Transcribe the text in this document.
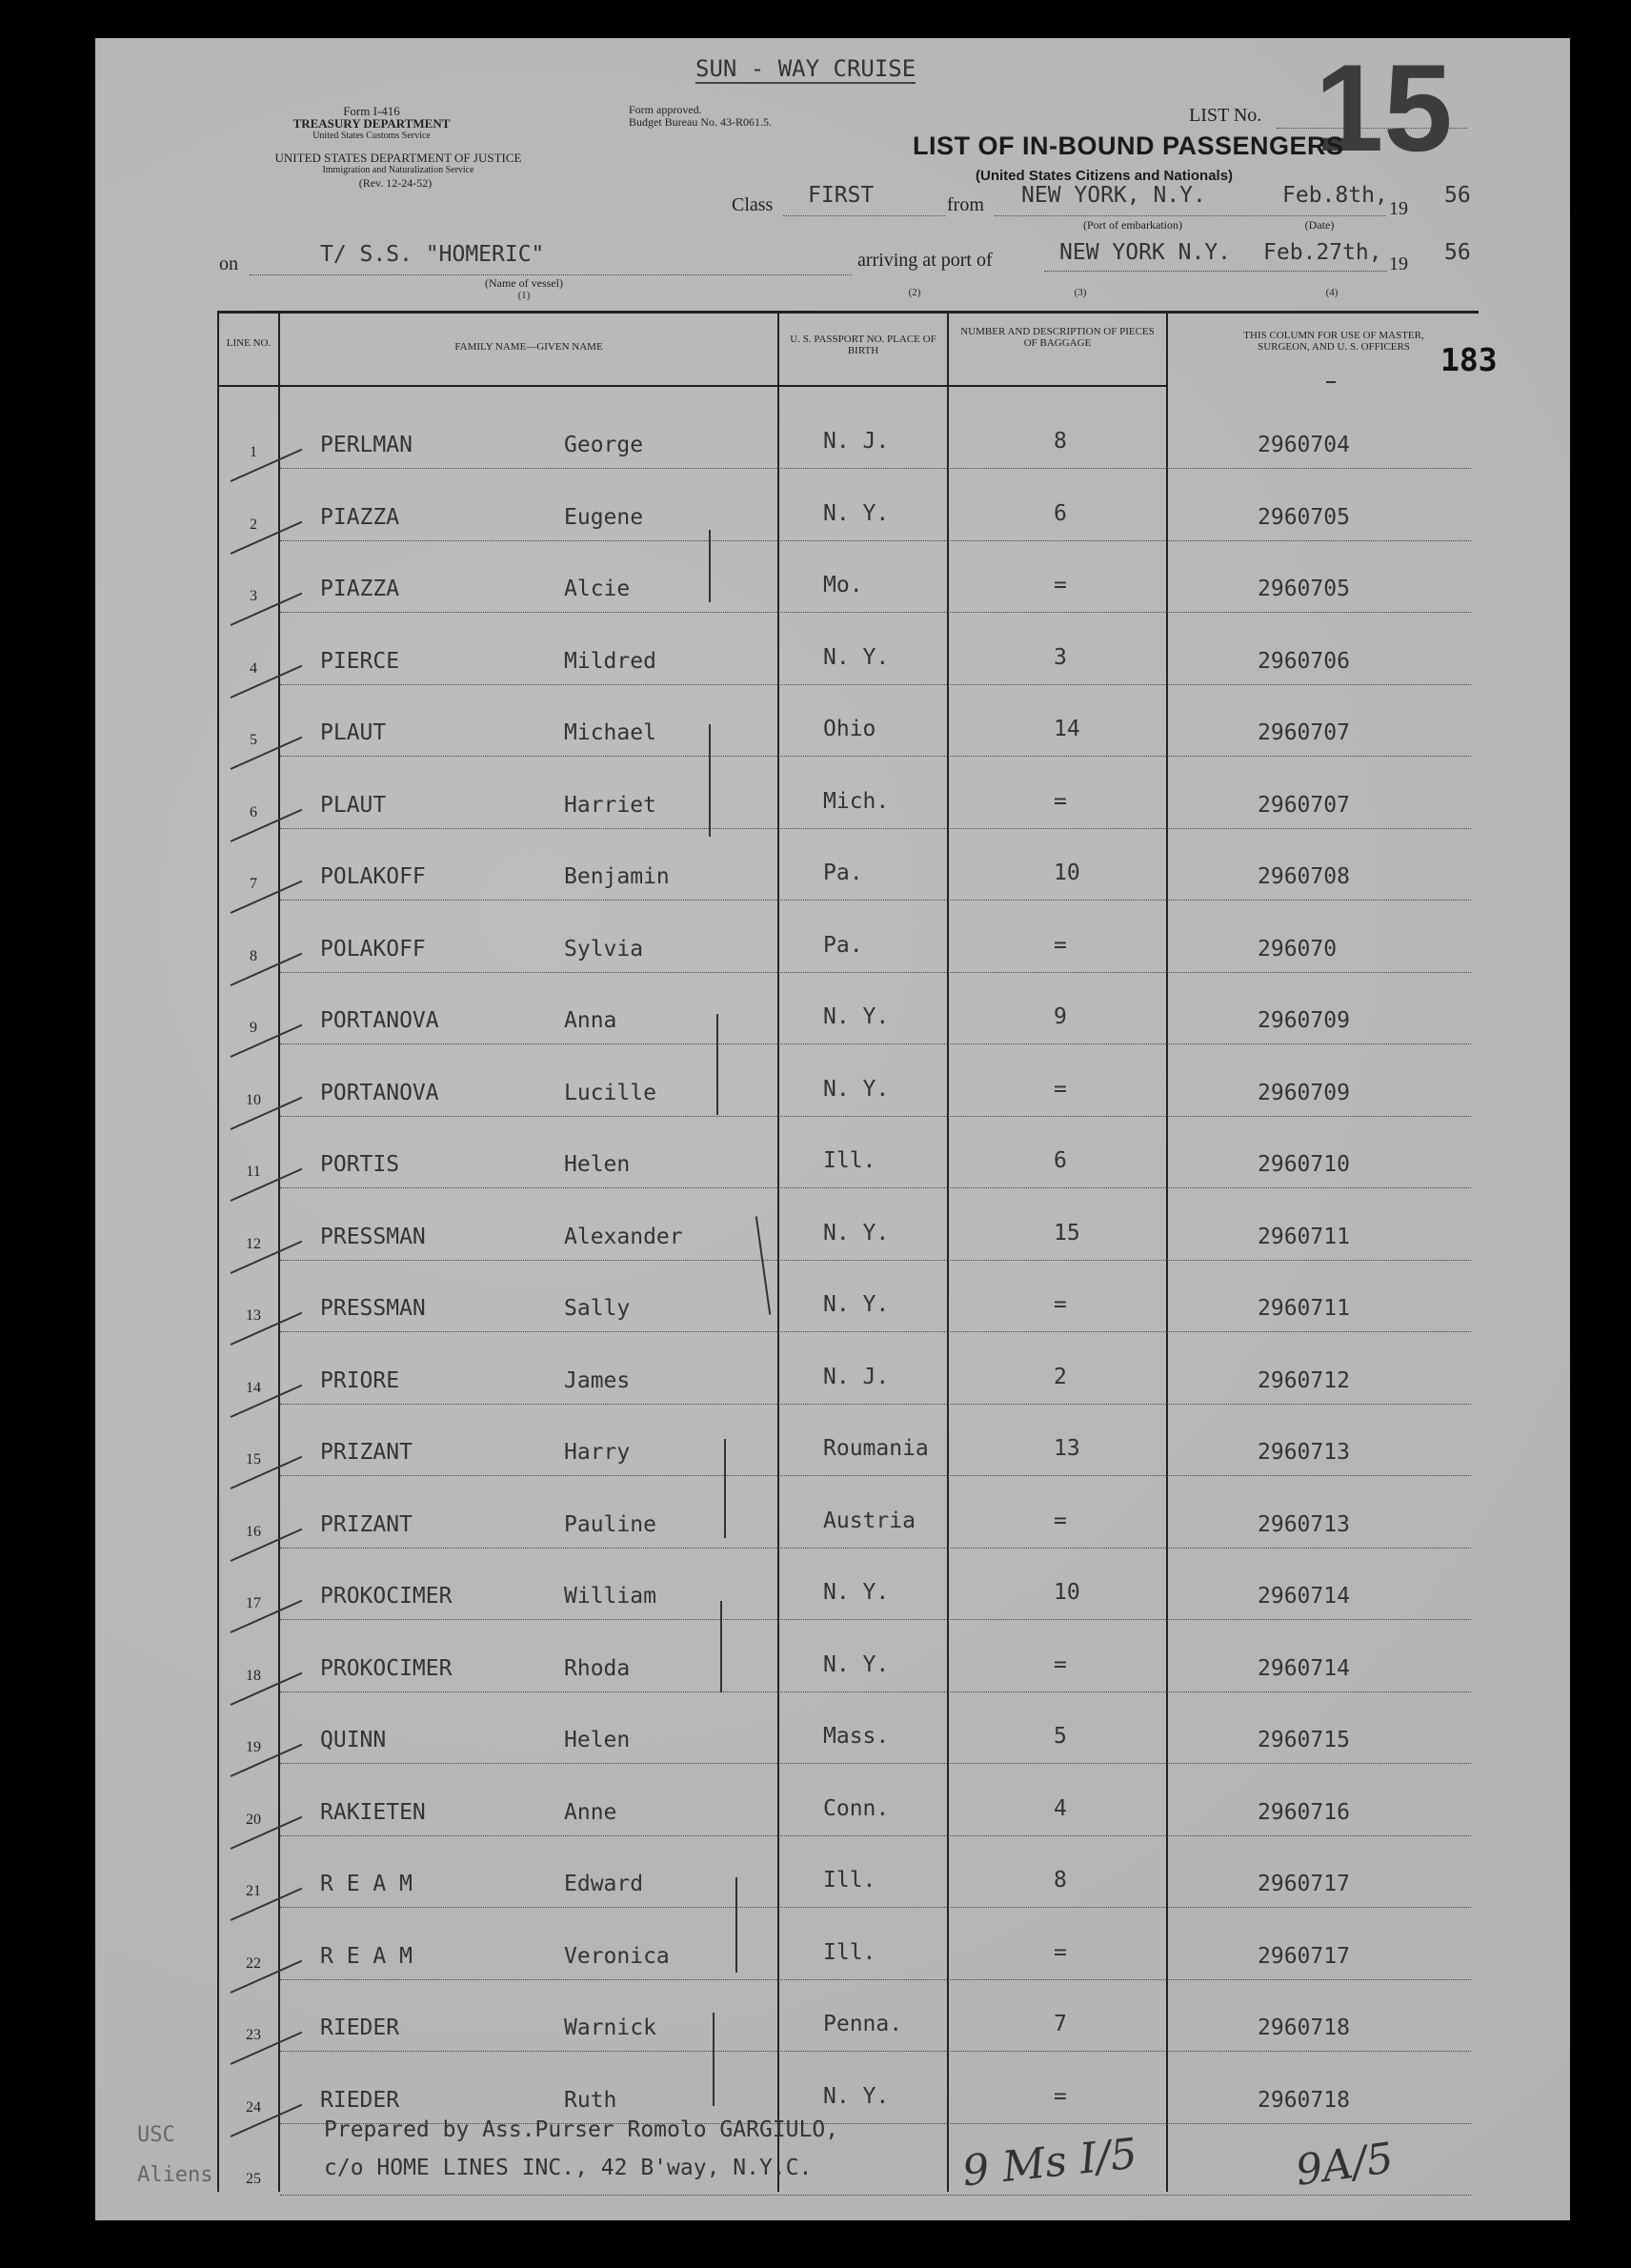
SUN - WAY CRUISE
Form I-416
TREASURY DEPARTMENT
United States Customs Service
UNITED STATES DEPARTMENT OF JUSTICE
Immigration and Naturalization Service
(Rev. 12-24-52)
Form approved.
Budget Bureau No. 43-R061.5.	LIST No. 15
LIST OF IN-BOUND PASSENGERS
(United States Citizens and Nationals)
Class FIRST	from NEW YORK, N.Y.	Feb.8th,
19
56
(Port of embarkation)	(Date)
on	T/ S.S. "HOMERIC"
(Name of vessel)
(1)
arriving at port of	NEW YORK N.Y. Feb.27th, 19 56
(2)	(3)	(4)
LINE NO.	FAMILY NAME—GIVEN NAME
U. S. PASSPORT NO. PLACE OF BIRTH
NUMBER AND DESCRIPTION OF PIECES OF BAGGAGE
THIS COLUMN FOR USE OF MASTER, SURGEON, AND U. S. OFFICERS 183
1	PERLMAN	George	N. J.	8	2960704
2	PIAZZA	Eugene	N. Y.	6	2960705
3	PIAZZA	Alcie	Mo.	=	2960705
4	PIERCE	Mildred	N. Y.	3	2960706
5	PLAUT	Michael	Ohio	14	2960707
6	PLAUT	Harriet	Mich.	=	2960707
7	POLAKOFF	Benjamin	Pa.	10	2960708
8	POLAKOFF	Sylvia	Pa.	=	296070
9	PORTANOVA	Anna	N. Y.	9	2960709
10	PORTANOVA	Lucille	N. Y.	=	2960709
11	PORTIS	Helen	Ill.	6	2960710
12	PRESSMAN	Alexander	N. Y.	15	2960711
13	PRESSMAN	Sally	N. Y.	=	2960711
14	PRIORE	James	N. J.	2	2960712
15	PRIZANT	Harry	Roumania	13	2960713
16	PRIZANT	Pauline	Austria	=	2960713
17	PROKOCIMER	William	N. Y.	10	2960714
18	PROKOCIMER	Rhoda	N. Y.	=	2960714
19	QUINN	Helen	Mass.	5	2960715
20	RAKIETEN	Anne	Conn.	4	2960716
21	R E A M	Edward	Ill.	8	2960717
22	R E A M	Veronica	Ill.	=	2960717
23	RIEDER	Warnick	Penna.	7	2960718
24	RIEDER	Ruth	N. Y.	=	2960718
25
Prepared by Ass.Purser Romolo GARGIULO,
c/o HOME LINES INC., 42 B'way, N.Y.C.	9 Ms I/5	9A/5
USC
Aliens
